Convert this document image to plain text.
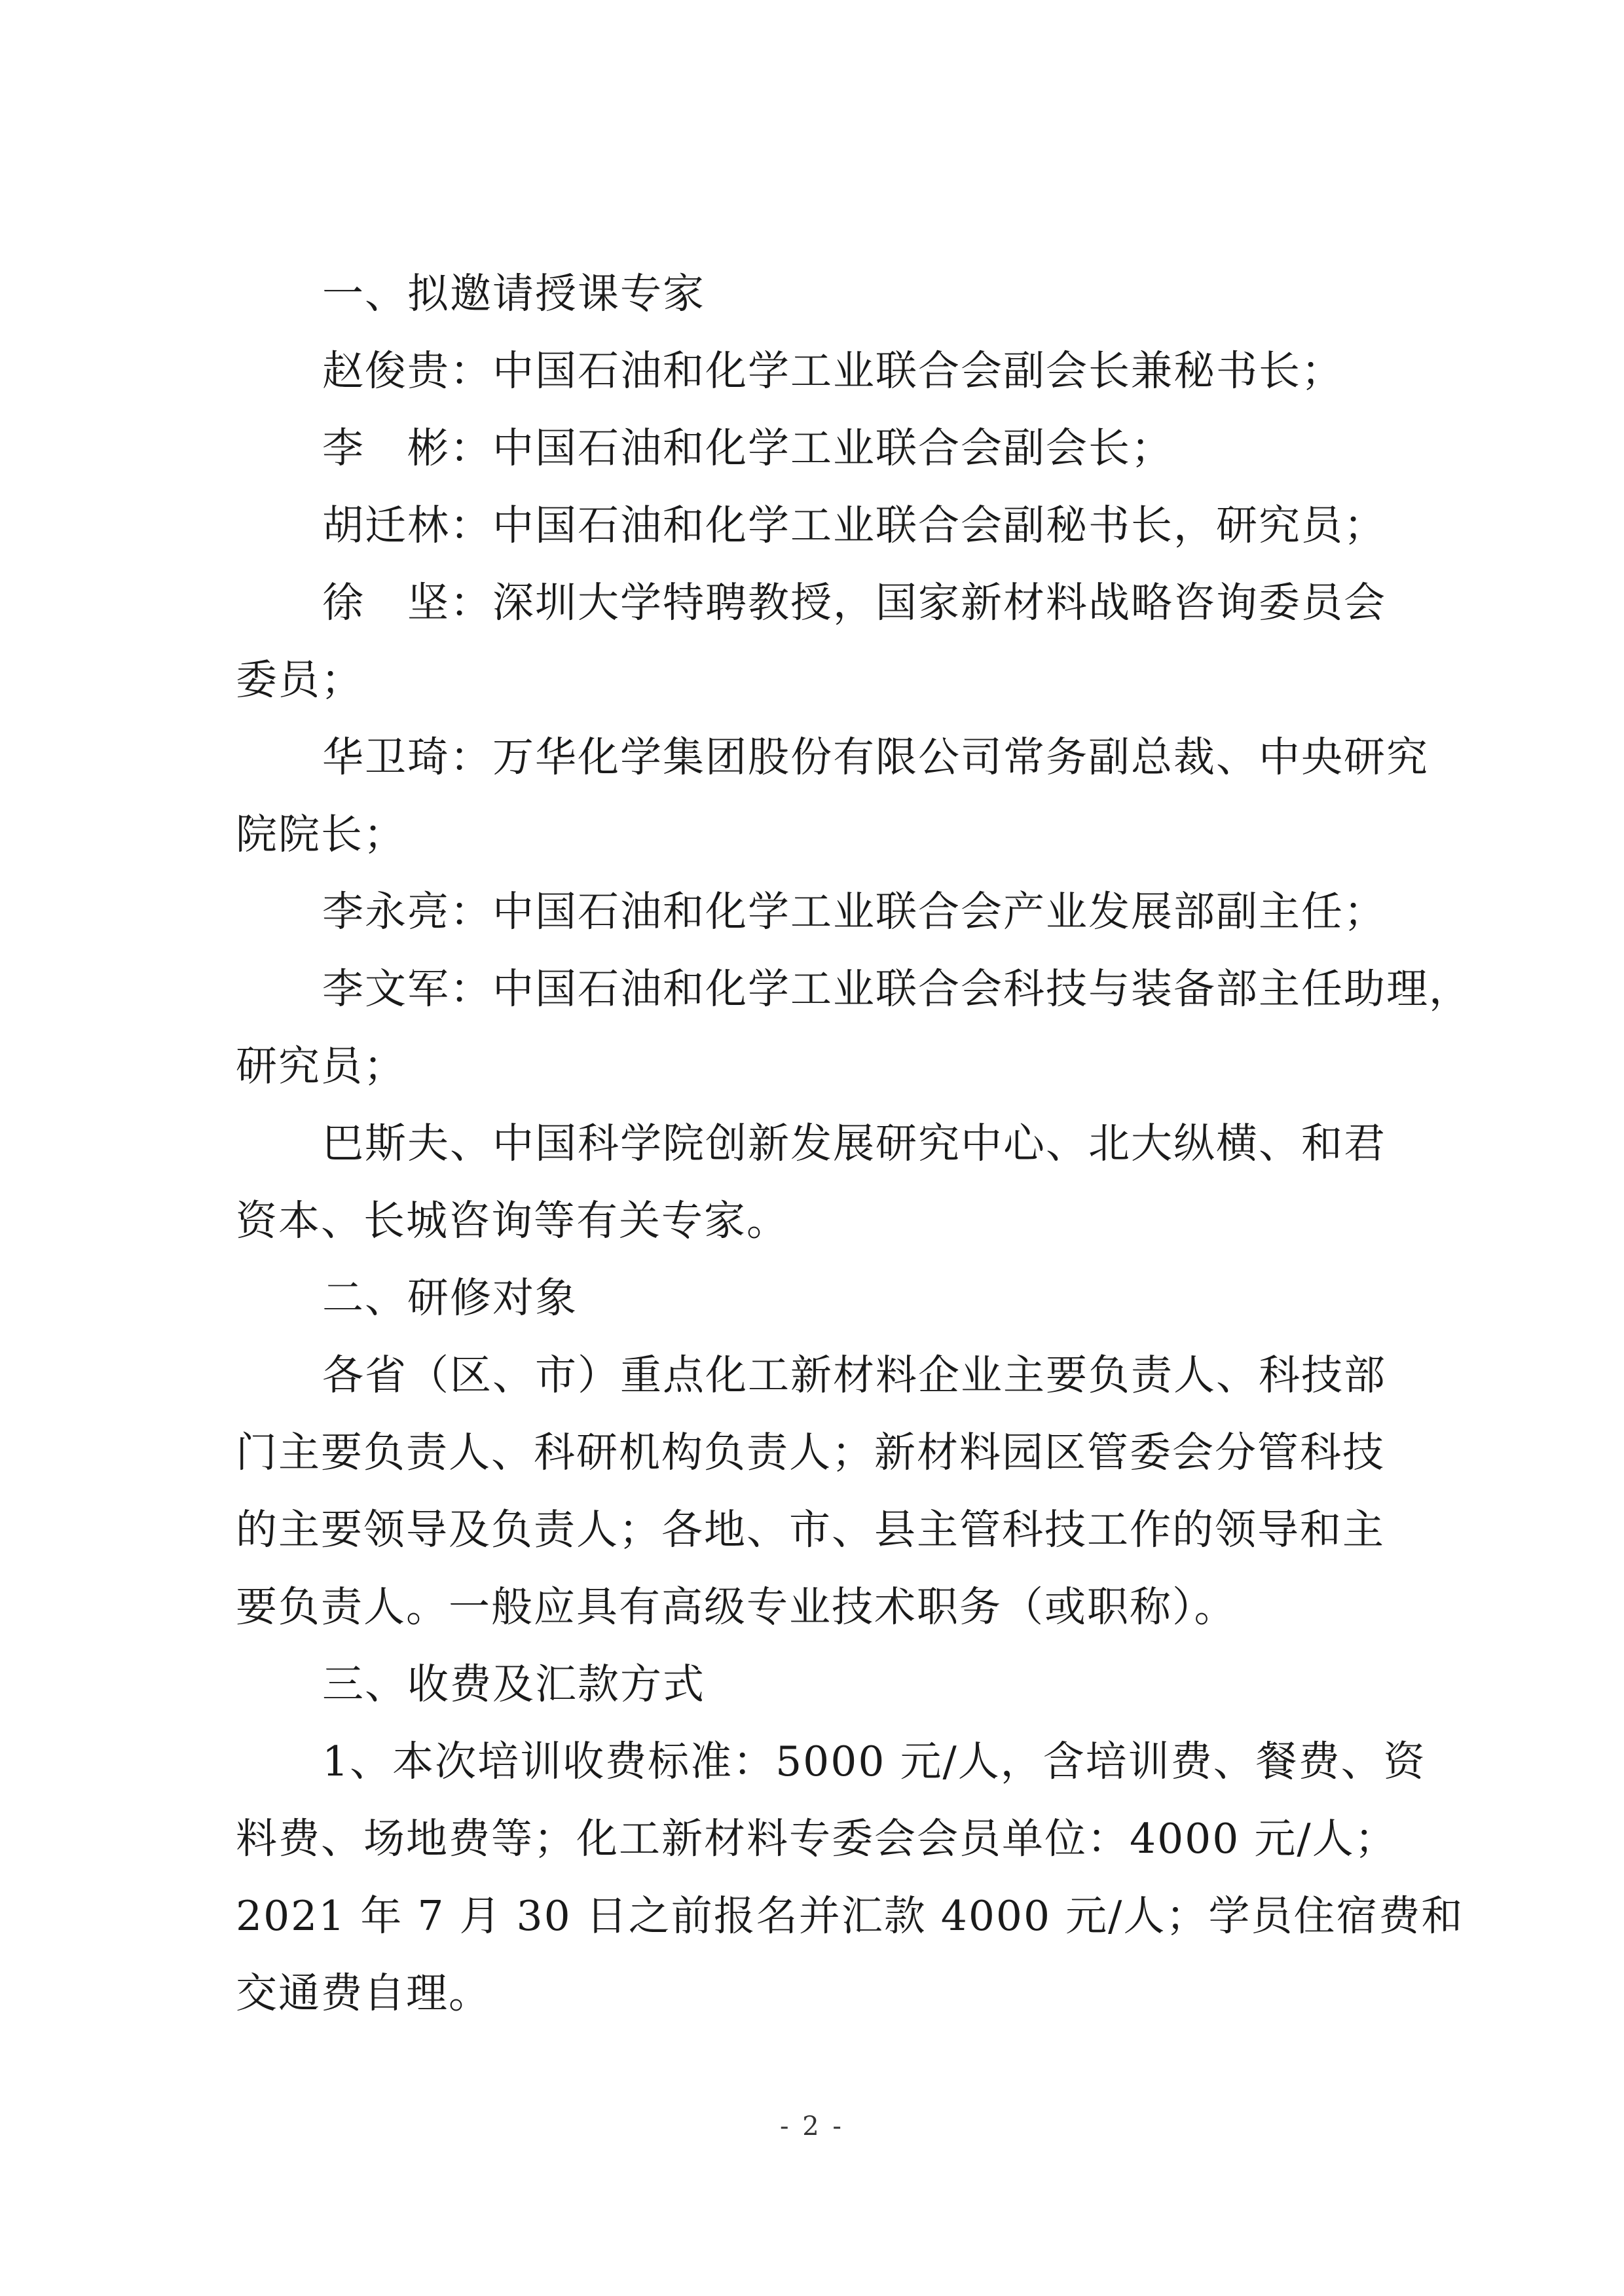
一、拟邀请授课专家
赵俊贵：中国石油和化学工业联合会副会长兼秘书长；
李 彬：中国石油和化学工业联合会副会长；
胡迁林：中国石油和化学工业联合会副秘书长，研究员；
徐 坚：深圳大学特聘教授，国家新材料战略咨询委员会
委员；
华卫琦：万华化学集团股份有限公司常务副总裁、中央研究
院院长；
李永亮：中国石油和化学工业联合会产业发展部副主任；
李文军：中国石油和化学工业联合会科技与装备部主任助理，
研究员；
巴斯夫、中国科学院创新发展研究中心、北大纵横、和君
资本、长城咨询等有关专家。
二、研修对象
各省（区、市）重点化工新材料企业主要负责人、科技部
门主要负责人、科研机构负责人；新材料园区管委会分管科技
的主要领导及负责人；各地、市、县主管科技工作的领导和主
要负责人。一般应具有高级专业技术职务（或职称）。
三、收费及汇款方式
1、本次培训收费标准：5000 元/人，含培训费、餐费、资
料费、场地费等；化工新材料专委会会员单位：4000 元/人；
2021 年 7 月 30 日之前报名并汇款 4000 元/人；学员住宿费和
交通费自理。
- 2 -
